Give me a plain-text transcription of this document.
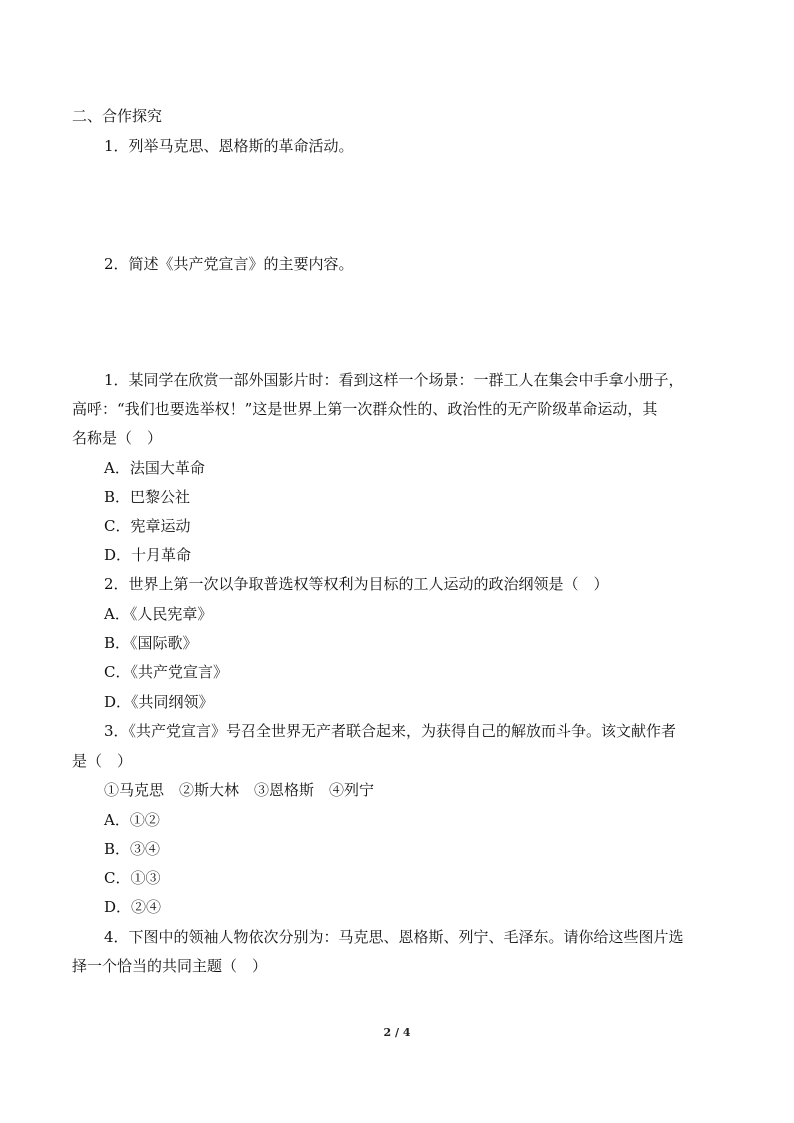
二、合作探究
1．列举马克思、恩格斯的革命活动。
2．简述《共产党宣言》的主要内容。
1．某同学在欣赏一部外国影片时：看到这样一个场景：一群工人在集会中手拿小册子，
高呼：“我们也要选举权！”这是世界上第一次群众性的、政治性的无产阶级革命运动，其
名称是（　）
A．法国大革命
B．巴黎公社
C．宪章运动
D．十月革命
2．世界上第一次以争取普选权等权利为目标的工人运动的政治纲领是（　）
A．《人民宪章》
B．《国际歌》
C．《共产党宣言》
D．《共同纲领》
3．《共产党宣言》号召全世界无产者联合起来，为获得自己的解放而斗争。该文献作者
是（　）
①马克思　②斯大林　③恩格斯　④列宁
A．①②
B．③④
C．①③
D．②④
4．下图中的领袖人物依次分别为：马克思、恩格斯、列宁、毛泽东。请你给这些图片选
择一个恰当的共同主题（　）
2 / 4
